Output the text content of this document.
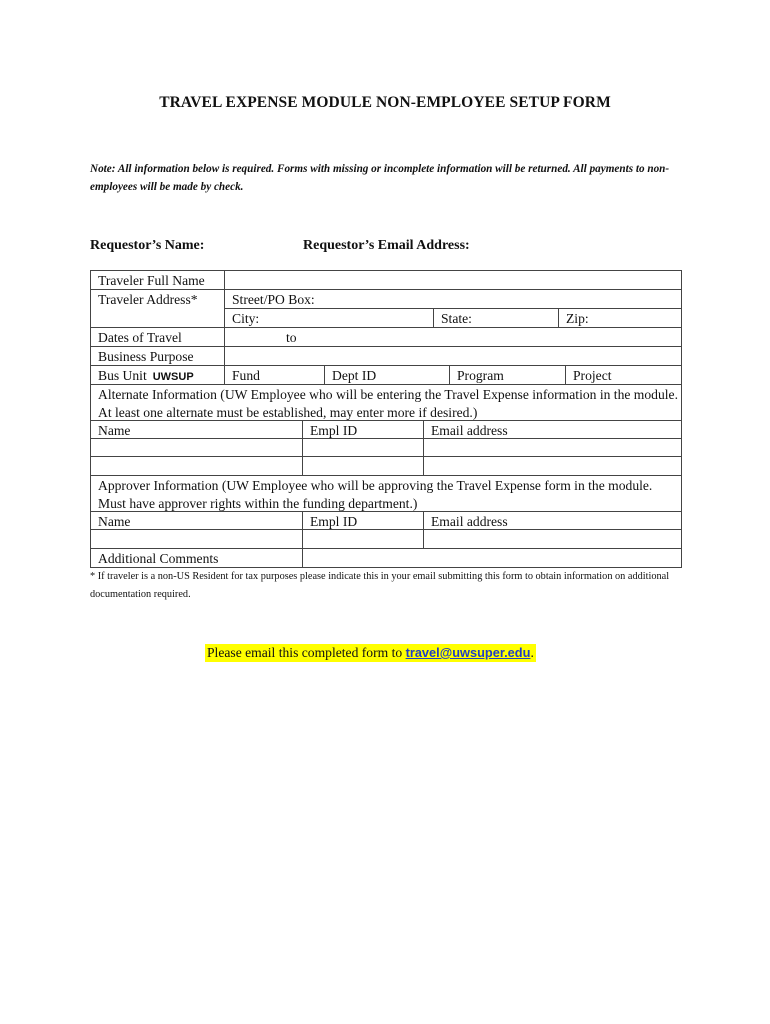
TRAVEL EXPENSE MODULE NON-EMPLOYEE SETUP FORM
Note: All information below is required. Forms with missing or incomplete information will be returned. All payments to non-employees will be made by check.
Requestor’s Name:	Requestor’s Email Address:
Traveler Full Name
Traveler Address*	Street/PO Box:
City:	State:	Zip:
Dates of Travel	to
Business Purpose
Bus Unit UWSUP	Fund	Dept ID	Program	Project
Alternate Information (UW Employee who will be entering the Travel Expense information in the module. At least one alternate must be established, may enter more if desired.)
Name	Empl ID	Email address
Approver Information (UW Employee who will be approving the Travel Expense form in the module. Must have approver rights within the funding department.)
Name	Empl ID	Email address
Additional Comments
* If traveler is a non-US Resident for tax purposes please indicate this in your email submitting this form to obtain information on additional documentation required.
Please email this completed form to travel@uwsuper.edu.
